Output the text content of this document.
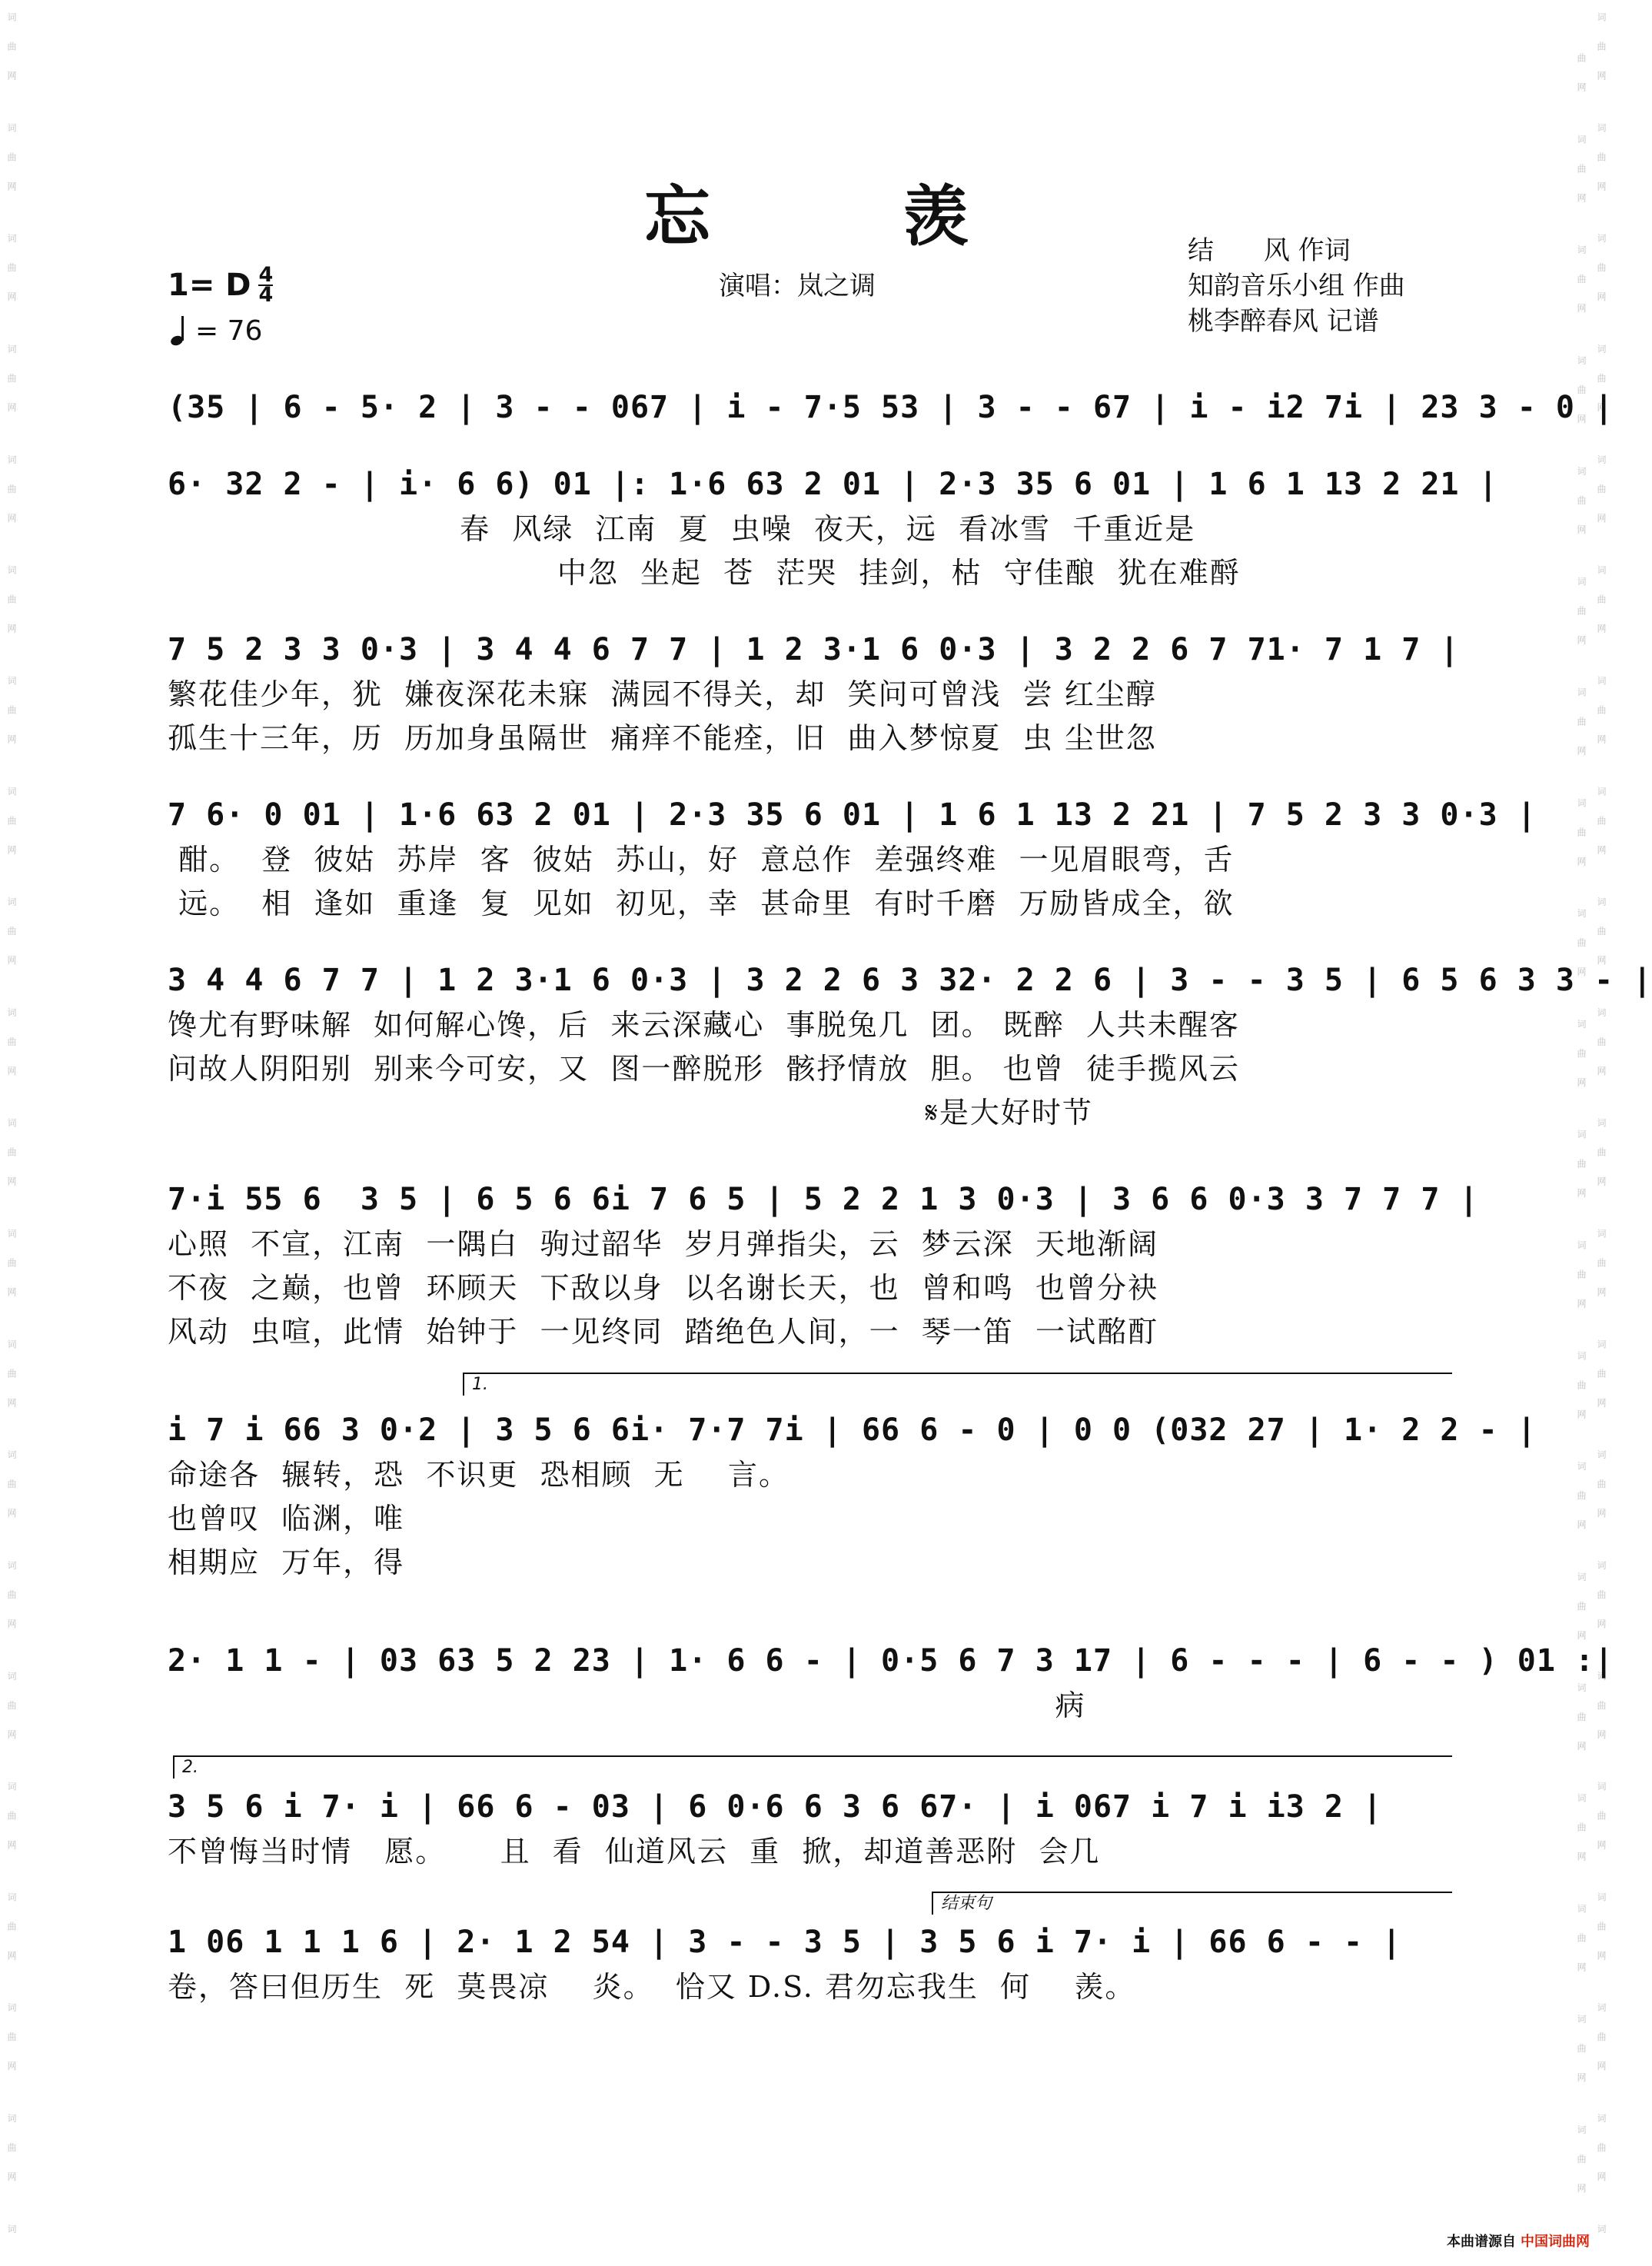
词曲网 词曲网 词曲网 词曲网 词曲网 词曲网 词曲网 词曲网 词曲网 词曲网 词曲网 词曲网 词曲网 词曲网 词曲网 词曲网 词曲网 词曲网 词曲网 词曲网 词	词曲网 词曲网 词曲网 词曲网 词曲网 词曲网 词曲网 词曲网 词曲网 词曲网 词曲网 词曲网 词曲网 词曲网 词曲网 词曲网 词曲网 词曲网 词曲网 词曲网 词曲网 词曲网 词曲网 词曲网 词曲网 词曲网 词曲网 词曲网 词曲网 词曲网 词曲网 词曲网 词曲网 词曲网 词曲网 词曲网 词曲网 词曲网 词曲网 词曲网
忘 羡
演唱：岚之调
结      风 作词
知韵音乐小组 作曲
桃李醉春风 记谱
1= D 4
4
= 76
(35 | 6 - 5· 2 | 3 - - 067 | i - 7·5 53 | 3 - - 67 | i - i2 7i | 23 3 - 0 |
6· 32 2 - | i· 6 6) 01 |: 1·6 63 2 01 | 2·3 35 6 01 | 1 6 1 13 2 21 |
春  风绿  江南  夏  虫噪  夜天，远  看冰雪  千重近是
中忽  坐起  苍  茫哭  挂剑，枯  守佳酿  犹在难酹
7 5 2 3 3 0·3 | 3 4 4 6 7 7 | 1 2 3·1 6 0·3 | 3 2 2 6 7 71· 7 1 7 |
繁花佳少年，犹  嫌夜深花未寐  满园不得关，却  笑问可曾浅  尝 红尘醇
孤生十三年，历  历加身虽隔世  痛痒不能痊，旧  曲入梦惊夏  虫 尘世忽
7 6· 0 01 | 1·6 63 2 01 | 2·3 35 6 01 | 1 6 1 13 2 21 | 7 5 2 3 3 0·3 |
酣。  登  彼姑  苏岸  客  彼姑  苏山，好  意总作  差强终难  一见眉眼弯，舌
远。  相  逢如  重逢  复  见如  初见，幸  甚命里  有时千磨  万励皆成全，欲
3 4 4 6 7 7 | 1 2 3·1 6 0·3 | 3 2 2 6 3 32· 2 2 6 | 3 - - 3 5 | 6 5 6 3 3 - |
馋尤有野味解  如何解心馋，后  来云深藏心  事脱兔几  团。 既醉  人共未醒客
问故人阴阳别  别来今可安，又  图一醉脱形  骸抒情放  胆。 也曾  徒手揽风云
𝄋是大好时节
7·i 55 6  3 5 | 6 5 6 6i 7 6 5 | 5 2 2 1 3 0·3 | 3 6 6 0·3 3 7 7 7 |
心照  不宣，江南  一隅白  驹过韶华  岁月弹指尖，云  梦云深  天地渐阔
不夜  之巅，也曾  环顾天  下敌以身  以名谢长天，也  曾和鸣  也曾分袂
风动  虫喧，此情  始钟于  一见终同  踏绝色人间，一  琴一笛  一试酩酊
1.
i 7 i 66 3 0·2 | 3 5 6 6i· 7·7 7i | 66 6 - 0 | 0 0 (032 27 | 1· 2 2 - |
命途各  辗转，恐  不识更  恐相顾  无    言。
也曾叹  临渊，唯
相期应  万年，得
2· 1 1 - | 03 63 5 2 23 | 1· 6 6 - | 0·5 6 7 3 17 | 6 - - - | 6 - - ) 01 :|
病
2.
3 5 6 i 7· i | 66 6 - 03 | 6 0·6 6 3 6 67· | i 067 i 7 i i3 2 |
不曾悔当时情   愿。     且  看  仙道风云  重  掀，却道善恶附  会几
结束句
1 06 1 1 1 6 | 2· 1 2 54 | 3 - - 3 5 | 3 5 6 i 7· i | 66 6 - - |
卷，答曰但历生  死  莫畏凉    炎。  恰又 D.S. 君勿忘我生  何    羡。
本曲谱源自 中国词曲网
